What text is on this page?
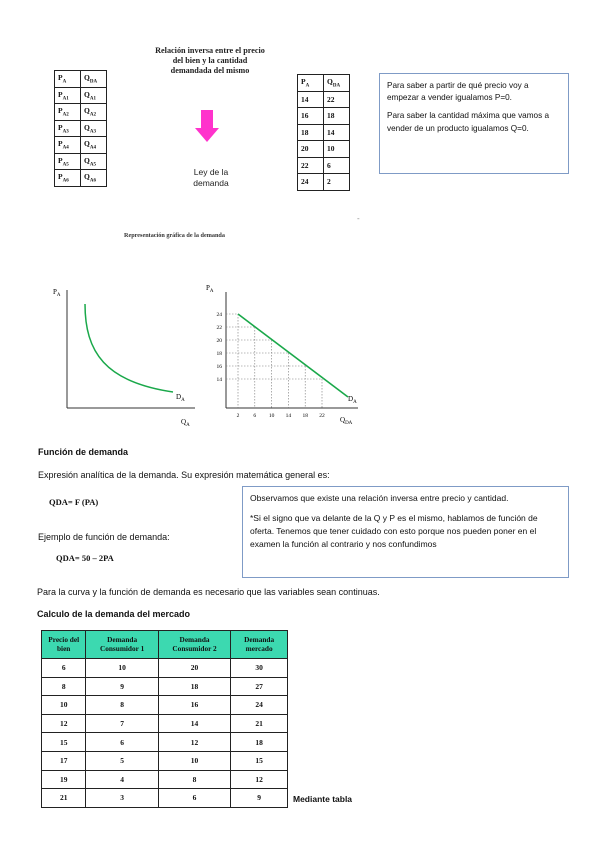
Relación inversa entre el precio
del bien y la cantidad
demandada del mismo
$P_A$	$Q_{DA}$
$P_{A1}$	$Q_{A1}$
$P_{A2}$	$Q_{A2}$
$P_{A3}$	$Q_{A3}$
$P_{A4}$	$Q_{A4}$
$P_{A5}$	$Q_{A5}$
$P_{A6}$	$Q_{A6}$
Ley de la
demanda
$P_A$	$Q_{DA}$
14	22
16	18
18	14
20	10
22	6
24	2

Para saber a partir de qué precio voy a empezar a vender igualamos P=0.

Para saber la cantidad máxima que vamos a vender de un producto igualamos Q=0.

-
Representación gráfica de la demanda
$P_A$
$Q_A$
$D_A$
$P_A$
$Q_{DA}$
2	6 10 14 18 22
24
22
20
18
16
14
$D_A$
Función de demanda
Expresión analítica de la demanda. Su expresión matemática general es:
QDA= F (PA)
Ejemplo de función de demanda:
QDA= 50 – 2PA

Observamos que existe una relación inversa entre precio y cantidad.

*Si el signo que va delante de la Q y P es el mismo, hablamos de función de oferta. Tenemos que tener cuidado con esto porque nos pueden poner en el examen la función al contrario y nos confundimos

Para la curva y la función de demanda es necesario que las variables sean continuas.
Calculo de la demanda del mercado
Precio del bien	Demanda Consumidor 1	Demanda Consumidor 2	Demanda mercado
6	10	20	30
8	9	18	27
10	8	16	24
12	7	14	21
15	6	12	18
17	5	10	15
19	4	8	12
21	3	6	9	Mediante tabla
